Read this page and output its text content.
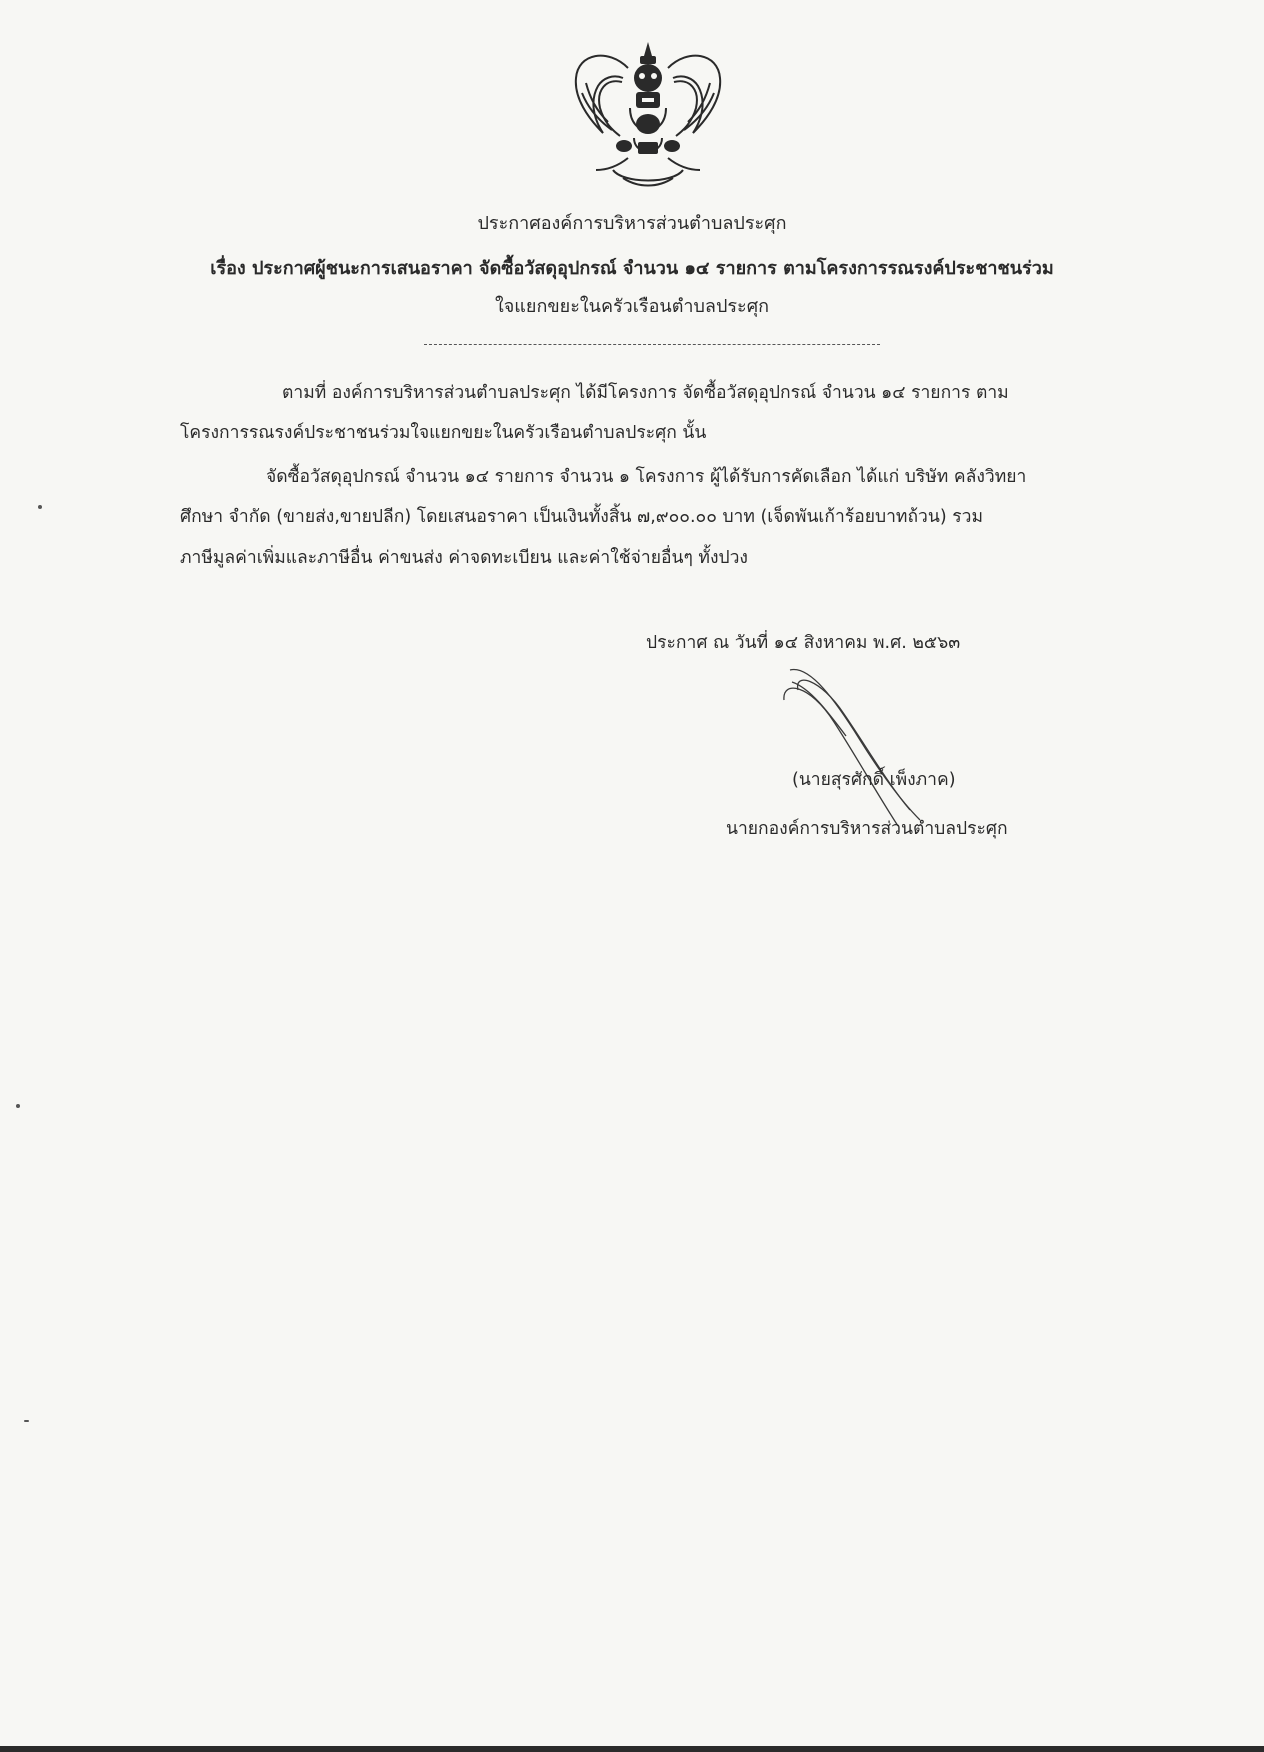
ประกาศองค์การบริหารส่วนตำบลประศุก
เรื่อง ประกาศผู้ชนะการเสนอราคา จัดซื้อวัสดุอุปกรณ์ จำนวน ๑๔ รายการ ตามโครงการรณรงค์ประชาชนร่วม
ใจแยกขยะในครัวเรือนตำบลประศุก
ตามที่ องค์การบริหารส่วนตำบลประศุก ได้มีโครงการ จัดซื้อวัสดุอุปกรณ์ จำนวน ๑๔ รายการ ตาม
โครงการรณรงค์ประชาชนร่วมใจแยกขยะในครัวเรือนตำบลประศุก นั้น
จัดซื้อวัสดุอุปกรณ์ จำนวน ๑๔ รายการ จำนวน ๑ โครงการ ผู้ได้รับการคัดเลือก ได้แก่ บริษัท คลังวิทยา
ศึกษา จำกัด (ขายส่ง,ขายปลีก) โดยเสนอราคา เป็นเงินทั้งสิ้น ๗,๙๐๐.๐๐ บาท (เจ็ดพันเก้าร้อยบาทถ้วน) รวม
ภาษีมูลค่าเพิ่มและภาษีอื่น ค่าขนส่ง ค่าจดทะเบียน และค่าใช้จ่ายอื่นๆ ทั้งปวง
ประกาศ ณ วันที่ ๑๔ สิงหาคม พ.ศ. ๒๕๖๓
(นายสุรศักดิ์ เพ็งภาค)
นายกองค์การบริหารส่วนตำบลประศุก
